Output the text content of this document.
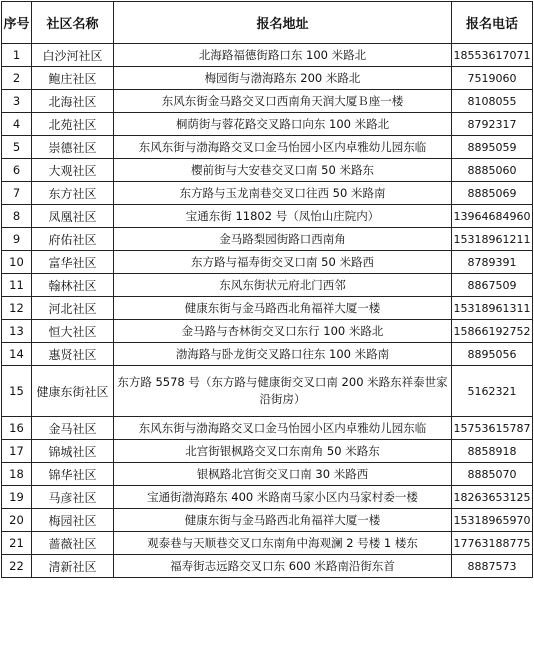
序号	社区名称	报名地址	报名电话
1	白沙河社区	北海路福德街路口东 100 米路北	18553617071
2	鲍庄社区	梅园街与渤海路东 200 米路北	7519060
3	北海社区	东风东街金马路交叉口西南角天润大厦Ｂ座一楼	8108055
4	北苑社区	桐荫街与蓉花路交叉路口向东 100 米路北	8792317
5	崇德社区	东风东街与渤海路交叉口金马怡园小区内卓雅幼儿园东临	8895059
6	大观社区	樱前街与大安巷交叉口南 50 米路东	8885060
7	东方社区	东方路与玉龙南巷交叉口往西 50 米路南	8885069
8	凤凰社区	宝通东街 11802 号（凤怡山庄院内）	13964684960
9	府佑社区	金马路梨园街路口西南角	15318961211
10	富华社区	东方路与福寿街交叉口南 50 米路西	8789391
11	翰林社区	东风东街状元府北门西邻	8867509
12	河北社区	健康东街与金马路西北角福祥大厦一楼	15318961311
13	恒大社区	金马路与杏林街交叉口东行 100 米路北	15866192752
14	惠贤社区	渤海路与卧龙街交叉路口往东 100 米路南	8895056
15	健康东街社区	东方路 5578 号（东方路与健康街交叉口南 200 米路东祥泰世家沿街房）	5162321
16	金马社区	东风东街与渤海路交叉口金马怡园小区内卓雅幼儿园东临	15753615787
17	锦城社区	北宫街银枫路交叉口东南角 50 米路东	8858918
18	锦华社区	银枫路北宫街交叉口南 30 米路西	8885070
19	马彦社区	宝通街渤海路东 400 米路南马家小区内马家村委一楼	18263653125
20	梅园社区	健康东街与金马路西北角福祥大厦一楼	15318965970
21	蔷薇社区	观泰巷与天顺巷交叉口东南角中海观澜 2 号楼 1 楼东	17763188775
22	清新社区	福寿街志远路交叉口东 600 米路南沿街东首	8887573
